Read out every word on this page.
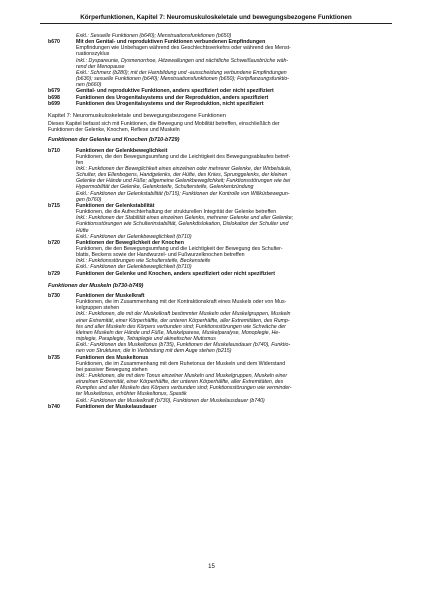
Körperfunktionen, Kapitel 7: Neuromuskuloskeletale und bewegungsbezogene Funktionen
Exkl.: Sexuelle Funktionen (b640); Menstruationsfunktionen (b650)
b670	Mit den Genital- und reproduktiven Funktionen verbundenen Empfindungen
Empfindungen wie Unbehagen während des Geschlechtsverkehrs oder während des Menst-
ruationszyklus
Inkl.: Dyspareunie, Dysmenorrhoe, Hitzewallungen und nächtliche Schweißausbrüche wäh-
rend der Menopause
Exkl.: Schmerz (b280); mit der Harnbildung und -ausscheidung verbundene Empfindungen
(b630); sexuelle Funktionen (b640); Menstruationsfunktionen (b650); Fortpflanzungsfunktio-
nen (b660)
b679	Genital- und reproduktive Funktionen, anders spezifiziert oder nicht spezifiziert
b698	Funktionen des Urogenitalsystems und der Reproduktion, anders spezifiziert
b699	Funktionen des Urogenitalsystems und der Reproduktion, nicht spezifiziert
Kapitel 7: Neuromuskuloskeletale und bewegungsbezogene Funktionen
Dieses Kapitel befasst sich mit Funktionen, die Bewegung und Mobilität betreffen, einschließlich der
Funktionen der Gelenke, Knochen, Reflexe und Muskeln
Funktionen der Gelenke und Knochen (b710-b729)
b710	Funktionen der Gelenkbeweglichkeit
Funktionen, die den Bewegungsumfang und die Leichtigkeit des Bewegungsablaufes betref-
fen
Inkl.: Funktionen der Beweglichkeit eines einzelnen oder mehrerer Gelenke, der Wirbelsäule,
Schulter, des Ellenbogens, Handgelenks, der Hüfte, des Knies, Sprunggelenks, der kleinen
Gelenke der Hände und Füße; allgemeine Gelenkbeweglichkeit; Funktionsstörungen wie bei
Hypermobilität der Gelenke, Gelenksteife, Schultersteife, Gelenkentzündung
Exkl.: Funktionen der Gelenkstabilität (b715); Funktionen der Kontrolle von Willkürbewegun-
gen (b760)
b715	Funktionen der Gelenkstabilität
Funktionen, die die Aufrechterhaltung der strukturellen Integrität der Gelenke betreffen
Inkl.: Funktionen der Stabilität eines einzelnen Gelenks, mehrerer Gelenke und aller Gelenke;
Funktionsstörungen wie Schulterinstabilität, Gelenkdislokation, Dislokation der Schulter und
Hüfte
Exkl.: Funktionen der Gelenkbeweglichkeit (b710)
b720	Funktionen der Beweglichkeit der Knochen
Funktionen, die den Bewegungsumfang und die Leichtigkeit der Bewegung des Schulter-
blatts, Beckens sowie der Handwurzel- und Fußwurzelknochen betreffen
Inkl.: Funktionsstörungen wie Schultersteife, Beckensteife
Exkl.: Funktionen der Gelenkbeweglichkeit (b710)
b729	Funktionen der Gelenke und Knochen, anders spezifiziert oder nicht spezifiziert
Funktionen der Muskeln (b730-b749)
b730	Funktionen der Muskelkraft
Funktionen, die im Zusammenhang mit der Kontraktionskraft eines Muskels oder von Mus-
kelgruppen stehen
Inkl.: Funktionen, die mit der Muskelkraft bestimmter Muskeln oder Muskelgruppen, Muskeln
einer Extremität, einer Körperhälfte, der unteren Körperhälfte, aller Extremitäten, des Rump-
fes und aller Muskeln des Körpers verbunden sind; Funktionsstörungen wie Schwäche der
kleinen Muskeln der Hände und Füße, Muskelparese, Muskelparalyse, Monoplegie, He-
miplegie, Paraplegie, Tetraplegie und akinetischer Mutismus
Exkl.: Funktionen des Muskeltonus (b735), Funktionen der Muskelausdauer (b740), Funktio-
nen von Strukturen, die in Verbindung mit dem Auge stehen (b215)
b735	Funktionen des Muskeltonus
Funktionen, die im Zusammenhang mit dem Ruhetonus der Muskeln und dem Widerstand
bei passiver Bewegung stehen
Inkl.: Funktionen, die mit dem Tonus einzelner Muskeln und Muskelgruppen, Muskeln einer
einzelnen Extremität, einer Körperhälfte, der unteren Körperhälfte, aller Extremitäten, des
Rumpfes und aller Muskeln des Körpers verbunden sind; Funktionsstörungen wie verminder-
ter Muskeltonus, erhöhter Muskeltonus, Spastik
Exkl.: Funktionen der Muskelkraft (b730), Funktionen der Muskelausdauer (b740)
b740	Funktionen der Muskelausdauer
15
